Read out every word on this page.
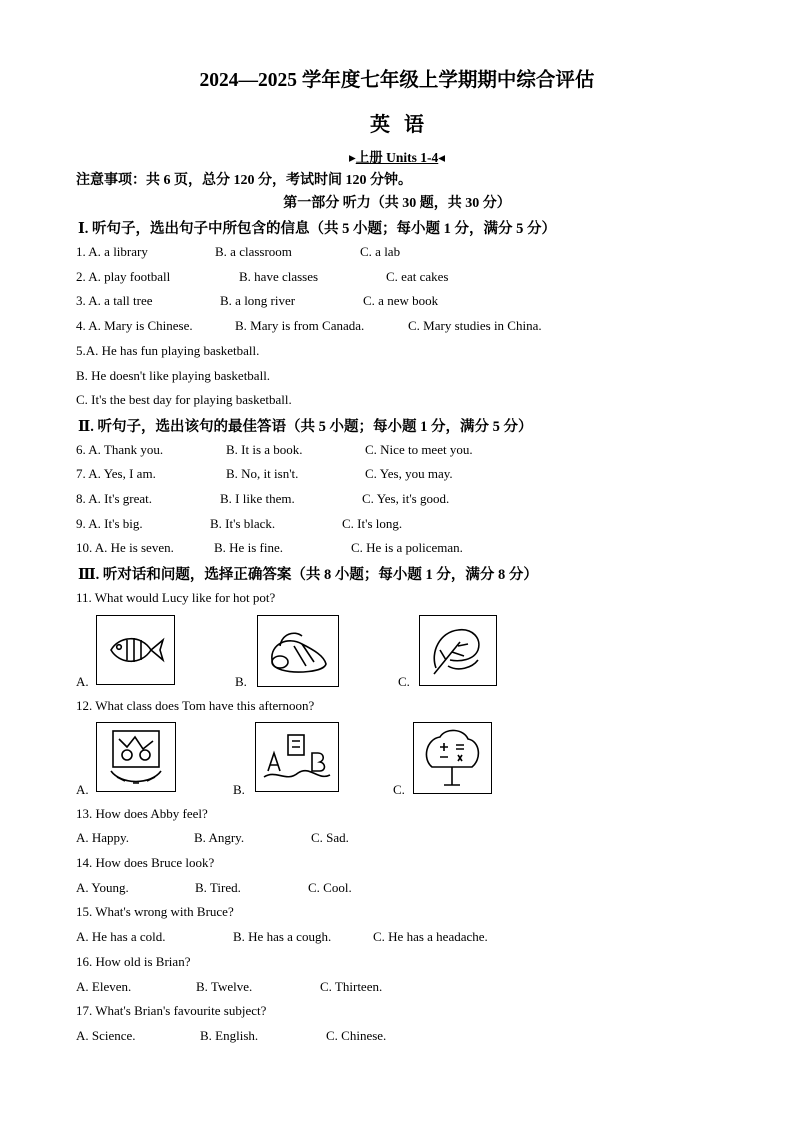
2024—2025 学年度七年级上学期期中综合评估
英语
▸上册 Units 1-4◂
注意事项：共 6 页，总分 120 分，考试时间 120 分钟。
第一部分 听力（共 30 题，共 30 分）
Ⅰ. 听句子，选出句子中所包含的信息（共 5 小题；每小题 1 分，满分 5 分）
1. A. a library	B. a classroom	C. a lab
2. A. play football	B. have classes	C. eat cakes
3. A. a tall tree	B. a long river	C. a new book
4. A. Mary is Chinese.	B. Mary is from Canada.	C. Mary studies in China.
5.A. He has fun playing basketball.
B. He doesn't like playing basketball.
C. It's the best day for playing basketball.
Ⅱ. 听句子，选出该句的最佳答语（共 5 小题；每小题 1 分，满分 5 分）
6. A. Thank you.	B. It is a book.	C. Nice to meet you.
7. A. Yes, I am.	B. No, it isn't.	C. Yes, you may.
8. A. It's great.	B. I like them.	C. Yes, it's good.
9. A. It's big.	B. It's black.	C. It's long.
10. A. He is seven.	B. He is fine.	C. He is a policeman.
Ⅲ. 听对话和问题，选择正确答案（共 8 小题；每小题 1 分，满分 8 分）
11. What would Lucy like for hot pot?
A.	B.	C.
12. What class does Tom have this afternoon?
A.	B.	C.
13. How does Abby feel?
A. Happy.	B. Angry.	C. Sad.
14. How does Bruce look?
A. Young.	B. Tired.	C. Cool.
15. What's wrong with Bruce?
A. He has a cold.	B. He has a cough.	C. He has a headache.
16. How old is Brian?
A. Eleven.	B. Twelve.	C. Thirteen.
17. What's Brian's favourite subject?
A. Science.	B. English.	C. Chinese.
